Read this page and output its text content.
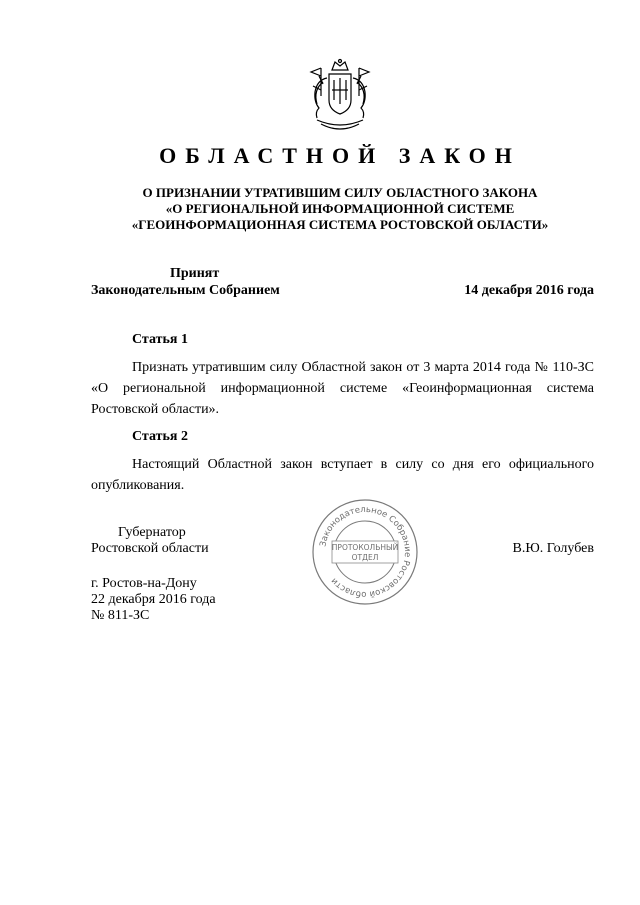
ОБЛАСТНОЙ ЗАКОН
О ПРИЗНАНИИ УТРАТИВШИМ СИЛУ ОБЛАСТНОГО ЗАКОНА
«О РЕГИОНАЛЬНОЙ ИНФОРМАЦИОННОЙ СИСТЕМЕ
«ГЕОИНФОРМАЦИОННАЯ СИСТЕМА РОСТОВСКОЙ ОБЛАСТИ»
Принят
Законодательным Собранием	14 декабря 2016 года
Статья 1
Признать утратившим силу Областной закон от 3 марта 2014 года № 110-ЗС «О региональной информационной системе «Геоинформационная система Ростовской области».
Статья 2
Настоящий Областной закон вступает в силу со дня его официального опубликования.
Губернатор
Ростовской области	В.Ю. Голубев
Законодательное Собрание Ростовской области
ПРОТОКОЛЬНЫЙ
ОТДЕЛ
г. Ростов-на-Дону
22 декабря 2016 года
№ 811-ЗС
